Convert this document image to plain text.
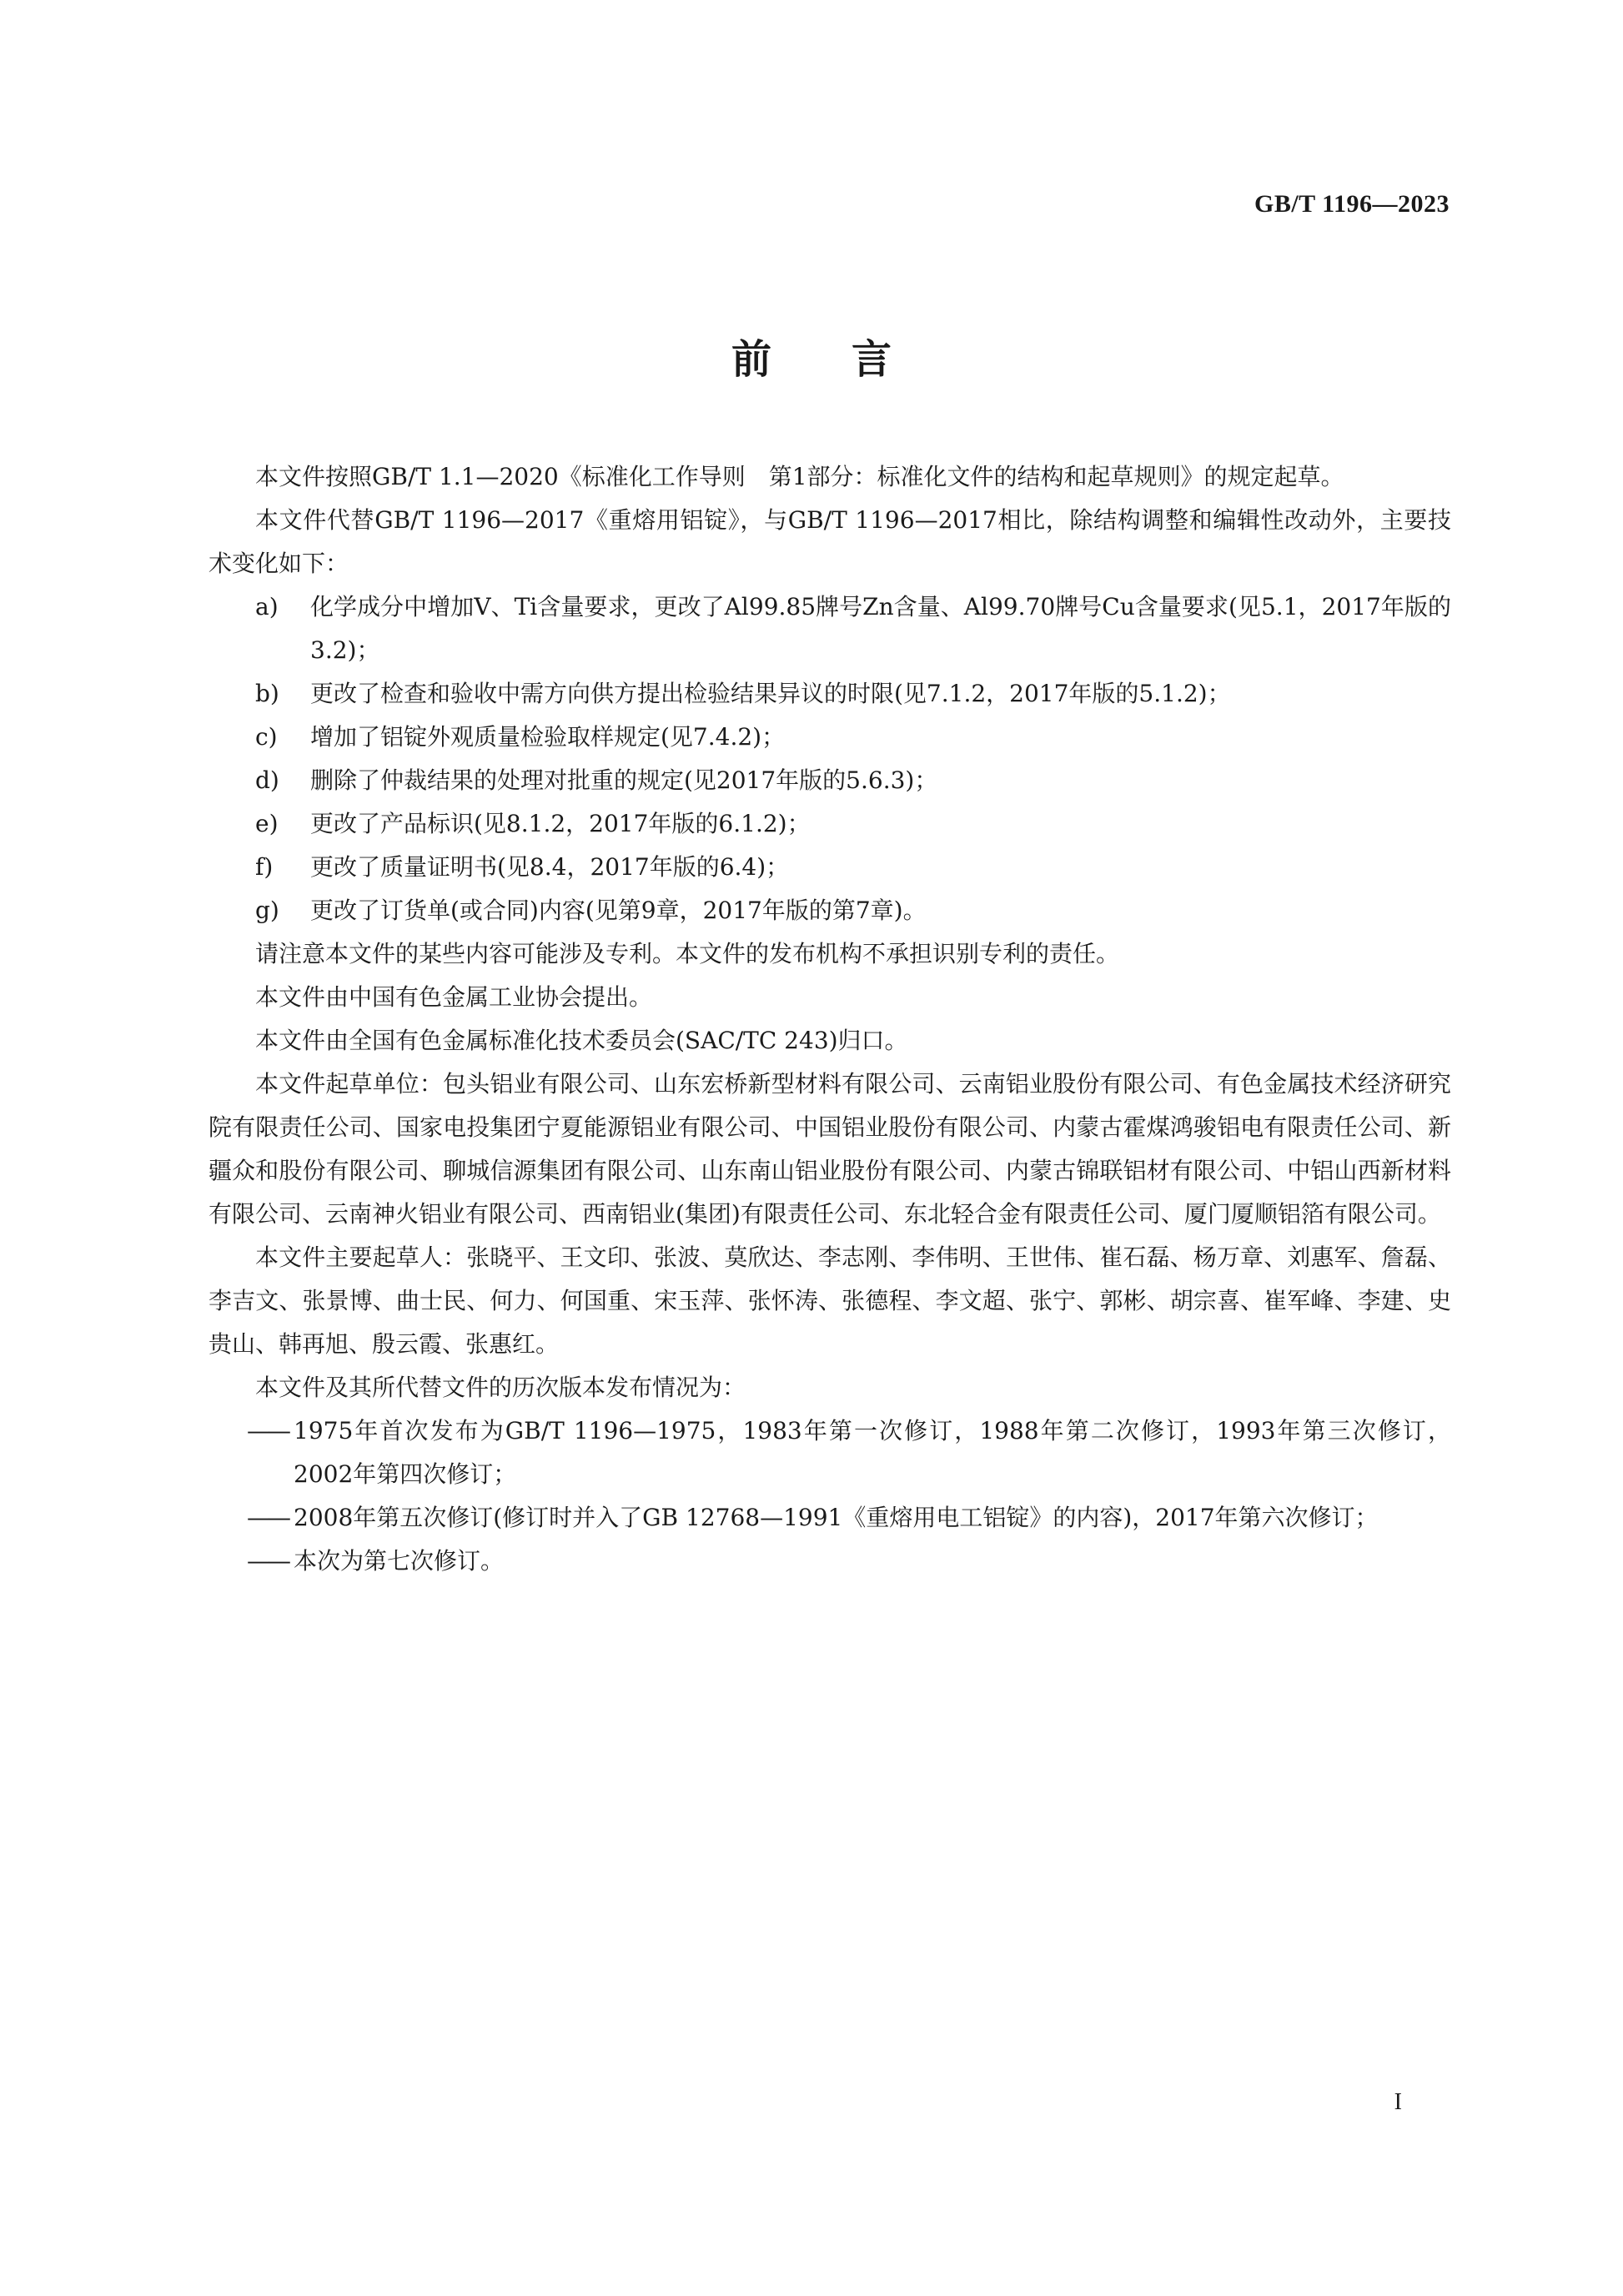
GB/T 1196—2023
前言

本文件按照GB/T 1.1—2020《标准化工作导则　第1部分：标准化文件的结构和起草规则》的规定起草。

本文件代替GB/T 1196—2017《重熔用铝锭》，与GB/T 1196—2017相比，除结构调整和编辑性改动外，主要技术变化如下：

a)	化学成分中增加V、Ti含量要求，更改了Al99.85牌号Zn含量、Al99.70牌号Cu含量要求(见5.1，2017年版的3.2)；
b)	更改了检查和验收中需方向供方提出检验结果异议的时限(见7.1.2，2017年版的5.1.2)；
c)	增加了铝锭外观质量检验取样规定(见7.4.2)；
d)	删除了仲裁结果的处理对批重的规定(见2017年版的5.6.3)；
e)	更改了产品标识(见8.1.2，2017年版的6.1.2)；
f)	更改了质量证明书(见8.4，2017年版的6.4)；
g)	更改了订货单(或合同)内容(见第9章，2017年版的第7章)。

请注意本文件的某些内容可能涉及专利。本文件的发布机构不承担识别专利的责任。

本文件由中国有色金属工业协会提出。

本文件由全国有色金属标准化技术委员会(SAC/TC 243)归口。

本文件起草单位：包头铝业有限公司、山东宏桥新型材料有限公司、云南铝业股份有限公司、有色金属技术经济研究院有限责任公司、国家电投集团宁夏能源铝业有限公司、中国铝业股份有限公司、内蒙古霍煤鸿骏铝电有限责任公司、新疆众和股份有限公司、聊城信源集团有限公司、山东南山铝业股份有限公司、内蒙古锦联铝材有限公司、中铝山西新材料有限公司、云南神火铝业有限公司、西南铝业(集团)有限责任公司、东北轻合金有限责任公司、厦门厦顺铝箔有限公司。

本文件主要起草人：张晓平、王文印、张波、莫欣达、李志刚、李伟明、王世伟、崔石磊、杨万章、刘惠军、詹磊、李吉文、张景博、曲士民、何力、何国重、宋玉萍、张怀涛、张德程、李文超、张宁、郭彬、胡宗喜、崔军峰、李建、史贵山、韩再旭、殷云霞、张惠红。

本文件及其所代替文件的历次版本发布情况为：

—— 1975年首次发布为GB/T 1196—1975，1983年第一次修订，1988年第二次修订，1993年第三次修订，2002年第四次修订；
—— 2008年第五次修订(修订时并入了GB 12768—1991《重熔用电工铝锭》的内容)，2017年第六次修订；
—— 本次为第七次修订。
I
